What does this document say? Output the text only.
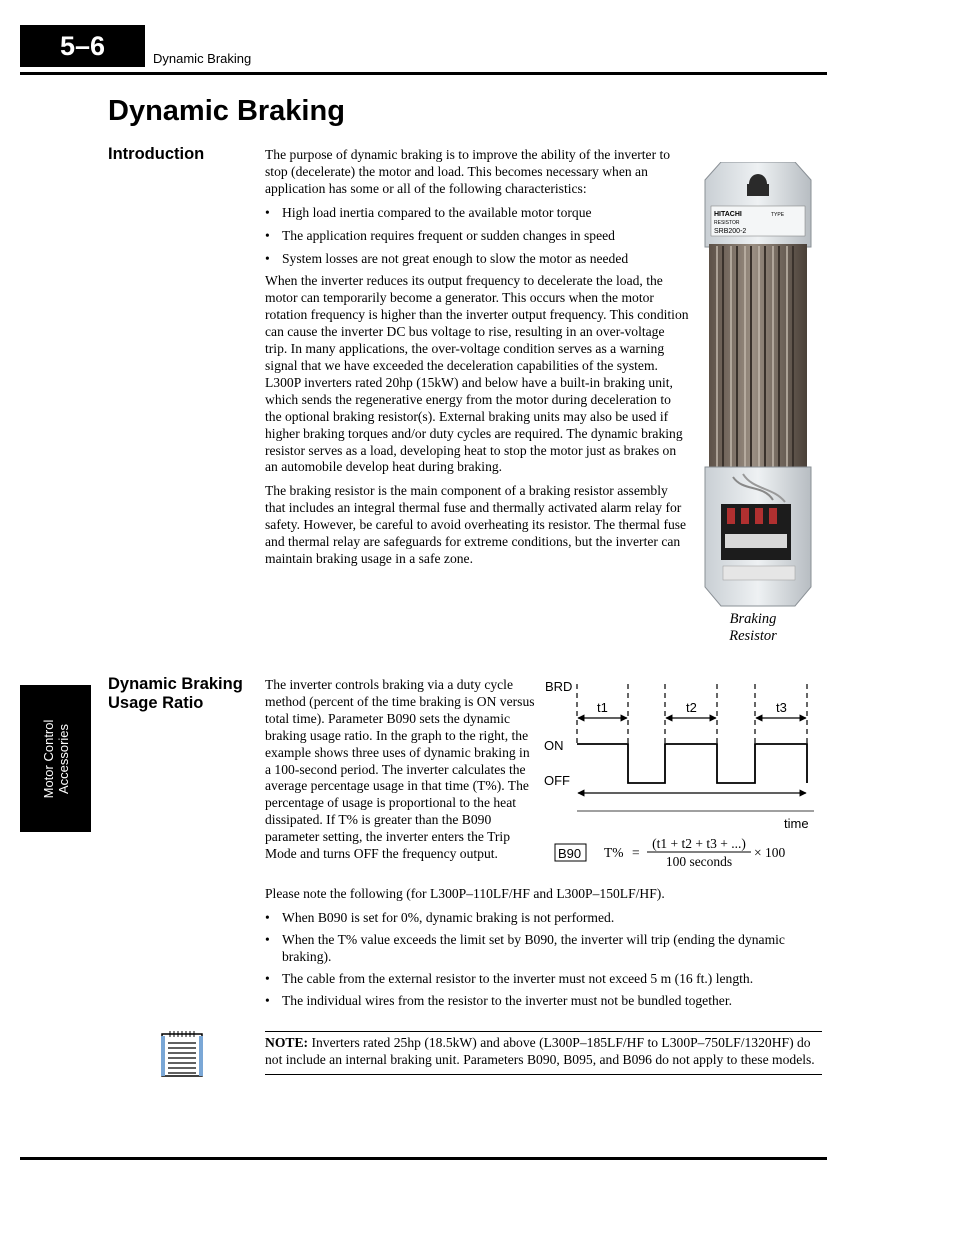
5–6	Dynamic Braking
Motor Control Accessories
Dynamic Braking
Introduction	The purpose of dynamic braking is to improve the ability of the inverter to stop (decelerate) the motor and load. This becomes necessary when an application has some or all of the following characteristics:

• High load inertia compared to the available motor torque
• The application requires frequent or sudden changes in speed
• System losses are not great enough to slow the motor as needed

When the inverter reduces its output frequency to decelerate the load, the motor can temporarily become a generator. This occurs when the motor rotation frequency is higher than the inverter output frequency. This condition can cause the inverter DC bus voltage to rise, resulting in an over-voltage trip. In many applications, the over-voltage condition serves as a warning signal that we have exceeded the deceleration capabilities of the system. L300P inverters rated 20hp (15kW) and below have a built-in braking unit, which sends the regenerative energy from the motor during deceleration to the optional braking resistor(s). External braking units may also be used if higher braking torques and/or duty cycles are required. The dynamic braking resistor serves as a load, developing heat to stop the motor just as brakes on an automobile develop heat during braking.

The braking resistor is the main component of a braking resistor assembly that includes an integral thermal fuse and thermally activated alarm relay for safety. However, be careful to avoid overheating its resistor. The thermal fuse and thermal relay are safeguards for extreme conditions, but the inverter can maintain braking usage in a safe zone.

HITACHI
RESISTOR
SRB200-2
TYPE
Braking
Resistor
Dynamic Braking Usage Ratio

The inverter controls braking via a duty cycle method (percent of the time braking is ON versus total time). Parameter B090 sets the dynamic braking usage ratio. In the graph to the right, the example shows three uses of dynamic braking in a 100-second period. The inverter calculates the average percentage usage in that time (T%). The percentage of usage is proportional to the heat dissipated. If T% is greater than the B090 parameter setting, the inverter enters the Trip Mode and turns OFF the frequency output.

BRD
ON
OFF
time
t1	t2	t3
B90 T% =
(t1 + t2 + t3 + ...)
100 seconds
× 100

Please note the following (for L300P–110LF/HF and L300P–150LF/HF).

• When B090 is set for 0%, dynamic braking is not performed.
• When the T% value exceeds the limit set by B090, the inverter will trip (ending the dynamic braking).
• The cable from the external resistor to the inverter must not exceed 5 m (16 ft.) length.
• The individual wires from the resistor to the inverter must not be bundled together.
NOTE: Inverters rated 25hp (18.5kW) and above (L300P–185LF/HF to L300P–750LF/1320HF) do not include an internal braking unit. Parameters B090, B095, and B096 do not apply to these models.
